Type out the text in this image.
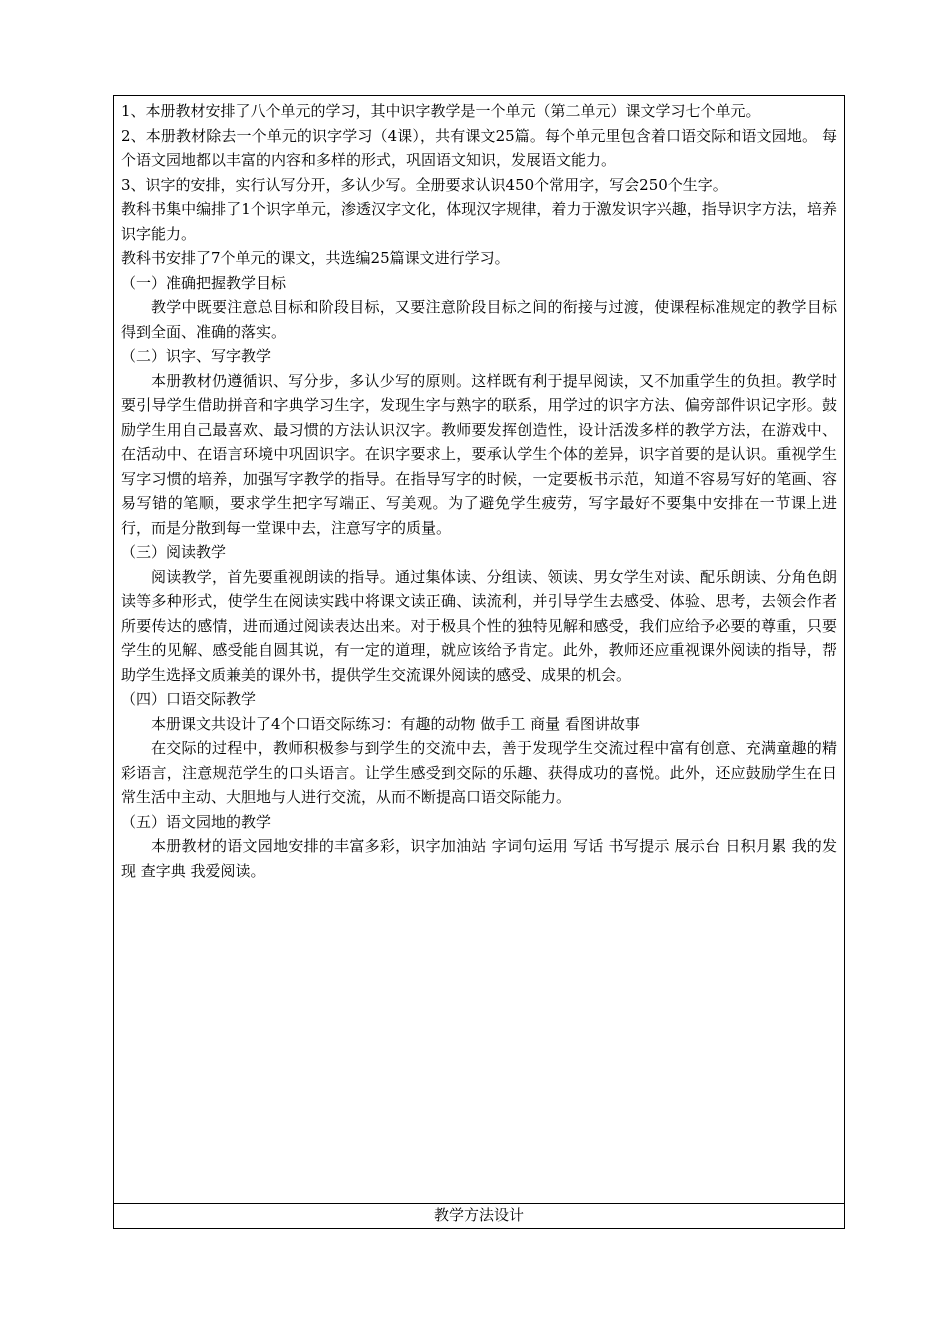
1、本册教材安排了八个单元的学习，其中识字教学是一个单元（第二单元）课文学习七个单元。

2、本册教材除去一个单元的识字学习（4课），共有课文25篇。每个单元里包含着口语交际和语文园地。 每个语文园地都以丰富的内容和多样的形式，巩固语文知识，发展语文能力。

3、识字的安排，实行认写分开，多认少写。全册要求认识450个常用字，写会250个生字。

教科书集中编排了1个识字单元，渗透汉字文化，体现汉字规律，着力于激发识字兴趣，指导识字方法，培养识字能力。

教科书安排了7个单元的课文，共选编25篇课文进行学习。

（一）准确把握教学目标

教学中既要注意总目标和阶段目标，又要注意阶段目标之间的衔接与过渡，使课程标准规定的教学目标得到全面、准确的落实。

（二）识字、写字教学

本册教材仍遵循识、写分步，多认少写的原则。这样既有利于提早阅读，又不加重学生的负担。教学时要引导学生借助拼音和字典学习生字，发现生字与熟字的联系，用学过的识字方法、偏旁部件识记字形。鼓励学生用自己最喜欢、最习惯的方法认识汉字。教师要发挥创造性，设计活泼多样的教学方法，在游戏中、在活动中、在语言环境中巩固识字。在识字要求上，要承认学生个体的差异，识字首要的是认识。重视学生写字习惯的培养，加强写字教学的指导。在指导写字的时候，一定要板书示范，知道不容易写好的笔画、容易写错的笔顺，要求学生把字写端正、写美观。为了避免学生疲劳，写字最好不要集中安排在一节课上进行，而是分散到每一堂课中去，注意写字的质量。

（三）阅读教学

阅读教学，首先要重视朗读的指导。通过集体读、分组读、领读、男女学生对读、配乐朗读、分角色朗读等多种形式，使学生在阅读实践中将课文读正确、读流利，并引导学生去感受、体验、思考，去领会作者所要传达的感情，进而通过阅读表达出来。对于极具个性的独特见解和感受，我们应给予必要的尊重，只要学生的见解、感受能自圆其说，有一定的道理，就应该给予肯定。此外，教师还应重视课外阅读的指导，帮助学生选择文质兼美的课外书，提供学生交流课外阅读的感受、成果的机会。

（四）口语交际教学

本册课文共设计了4个口语交际练习：有趣的动物 做手工 商量 看图讲故事

在交际的过程中，教师积极参与到学生的交流中去，善于发现学生交流过程中富有创意、充满童趣的精彩语言，注意规范学生的口头语言。让学生感受到交际的乐趣、获得成功的喜悦。此外，还应鼓励学生在日常生活中主动、大胆地与人进行交流，从而不断提高口语交际能力。

（五）语文园地的教学

本册教材的语文园地安排的丰富多彩，识字加油站 字词句运用 写话 书写提示 展示台 日积月累 我的发现 查字典 我爱阅读。

教学方法设计
